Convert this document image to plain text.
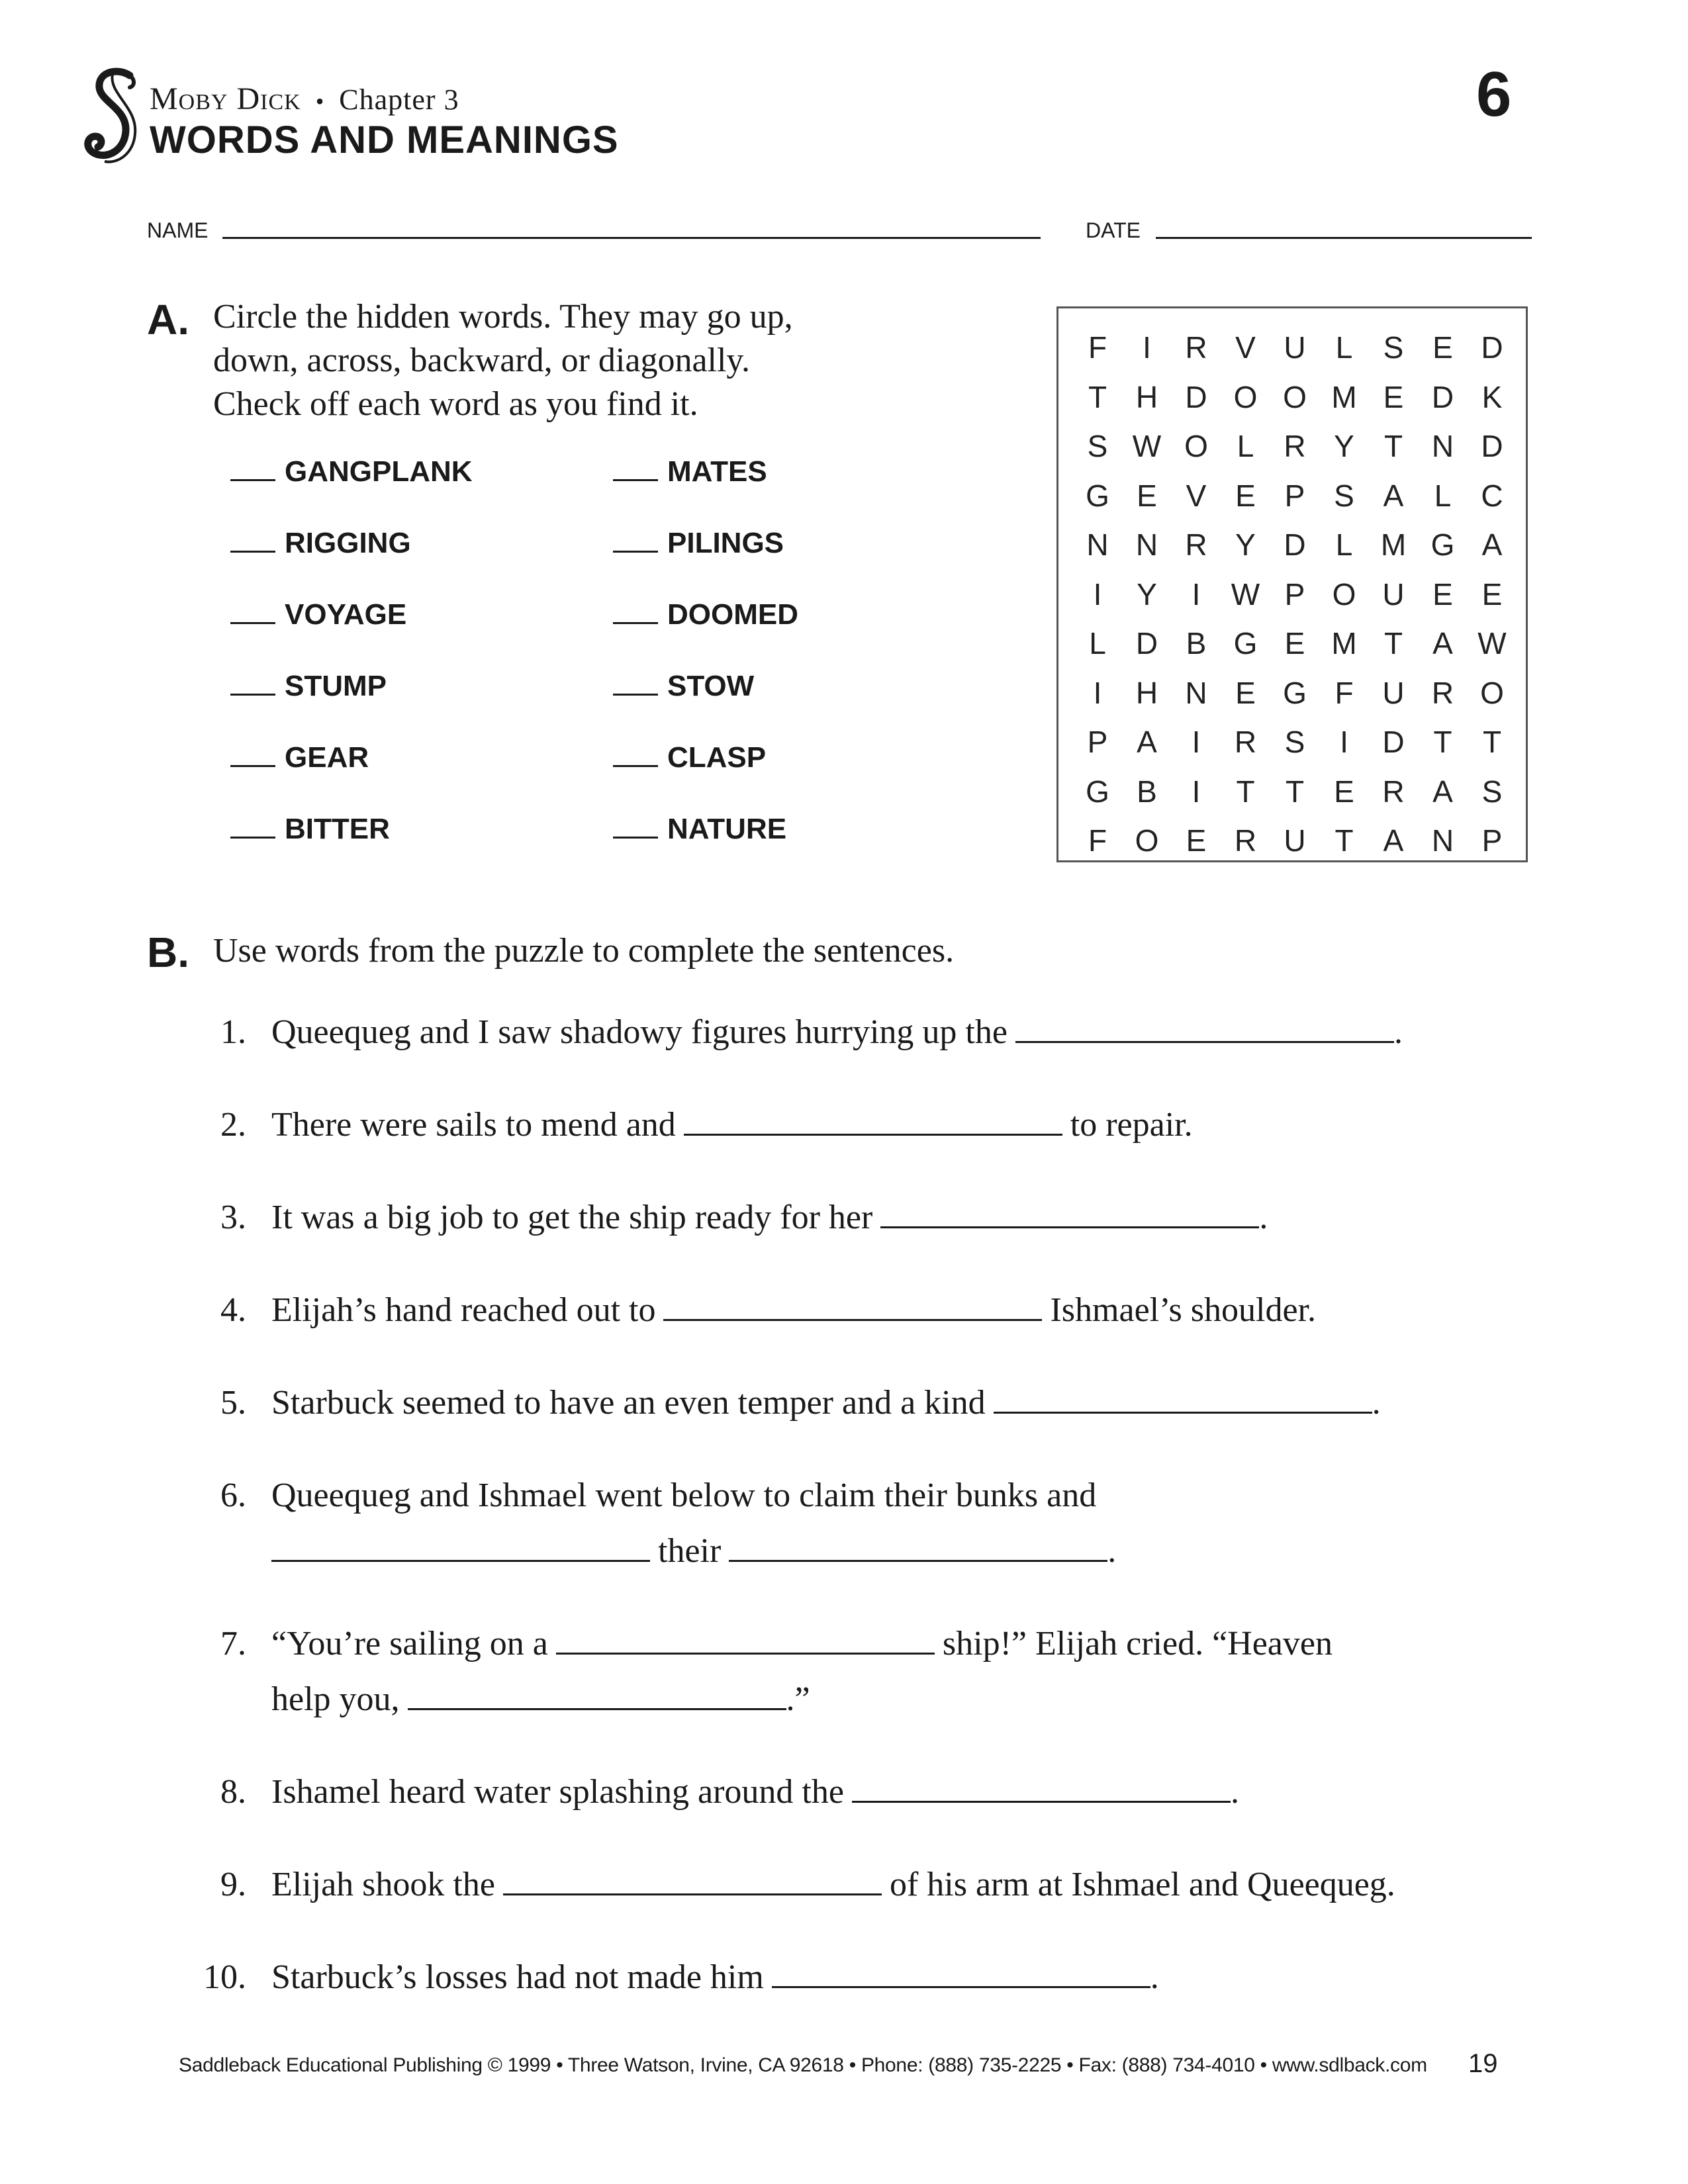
Moby Dick • Chapter 3
WORDS AND MEANINGS
6
NAME	DATE
A. Circle the hidden words. They may go up,
down, across, backward, or diagonally.
Check off each word as you find it.
GANGPLANK
RIGGING
VOYAGE
STUMP
GEAR
BITTER
MATES
PILINGS
DOOMED
STOW
CLASP
NATURE
F	I	R V U L	S E D
T H D O O M E D K
S W O L R Y T N D
G E V E P S A	L C
N N R Y D L M G A
I	Y	I	W P O U E E
L D B G E M T A W
I	H N E G F U R O
P A	I	R S	I	D T	T
G B	I	T	T E R A S
F O E R U T A N P
B. Use words from the puzzle to complete the sentences.
1. Queequeg and I saw shadowy figures hurrying up the	.
2. There were sails to mend and	to repair.
3. It was a big job to get the ship ready for her	.
4. Elijah’s hand reached out to	Ishmael’s shoulder.
5. Starbuck seemed to have an even temper and a kind	.
6. Queequeg and Ishmael went below to claim their bunks and
their	.
7. “You’re sailing on a	ship!” Elijah cried. “Heaven
help you,	.”
8. Ishamel heard water splashing around the	.
9. Elijah shook the	of his arm at Ishmael and Queequeg.
10. Starbuck’s losses had not made him	.
Saddleback Educational Publishing © 1999 • Three Watson, Irvine, CA 92618 • Phone: (888) 735-2225 • Fax: (888) 734-4010 • www.sdlback.com 19
